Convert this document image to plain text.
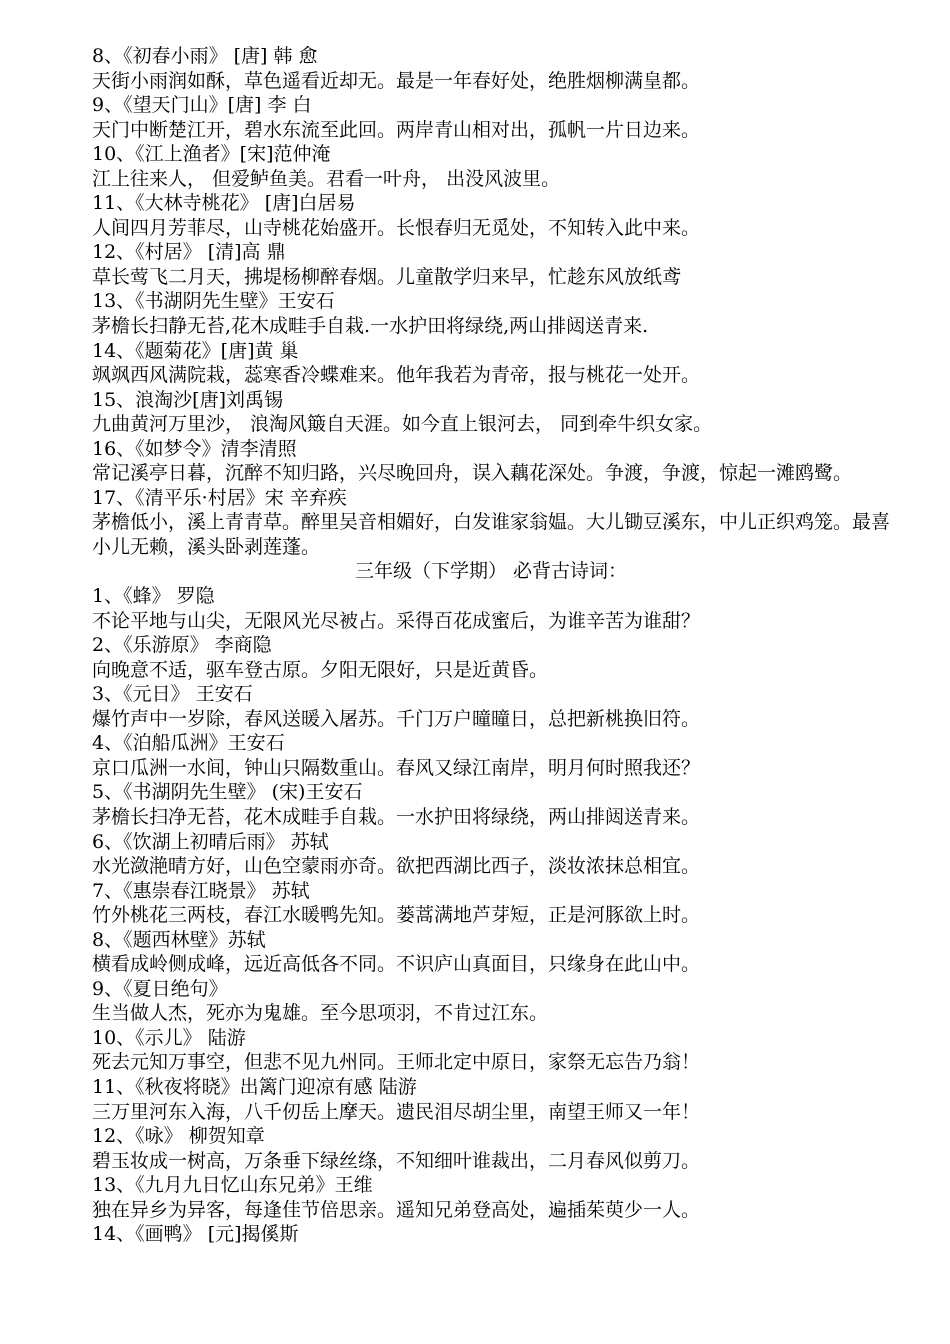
8、《初春小雨》 [唐] 韩 愈
天街小雨润如酥，草色遥看近却无。最是一年春好处，绝胜烟柳满皇都。
9、《望天门山》[唐] 李 白
天门中断楚江开，碧水东流至此回。两岸青山相对出，孤帆一片日边来。
10、《江上渔者》[宋]范仲淹
江上往来人， 但爱鲈鱼美。君看一叶舟， 出没风波里。
11、《大林寺桃花》 [唐]白居易
人间四月芳菲尽，山寺桃花始盛开。长恨春归无觅处，不知转入此中来。
12、《村居》 [清]高 鼎
草长莺飞二月天，拂堤杨柳醉春烟。儿童散学归来早，忙趁东风放纸鸢
13、《书湖阴先生壁》王安石
茅檐长扫静无苔,花木成畦手自栽.一水护田将绿绕,两山排闼送青来.
14、《题菊花》[唐]黄 巢
飒飒西风满院栽，蕊寒香冷蝶难来。他年我若为青帝，报与桃花一处开。
15、浪淘沙[唐]刘禹锡
九曲黄河万里沙， 浪淘风簸自天涯。如今直上银河去， 同到牵牛织女家。
16、《如梦令》清李清照
常记溪亭日暮，沉醉不知归路，兴尽晚回舟，误入藕花深处。争渡，争渡，惊起一滩鸥鹭。
17、《清平乐·村居》宋 辛弃疾
茅檐低小，溪上青青草。醉里吴音相媚好，白发谁家翁媪。大儿锄豆溪东，中儿正织鸡笼。最喜小儿无赖，溪头卧剥莲蓬。
三年级（下学期） 必背古诗词：
1、《蜂》 罗隐
不论平地与山尖，无限风光尽被占。采得百花成蜜后，为谁辛苦为谁甜？
2、《乐游原》 李商隐
向晚意不适，驱车登古原。夕阳无限好，只是近黄昏。
3、《元日》 王安石
爆竹声中一岁除，春风送暖入屠苏。千门万户曈曈日，总把新桃换旧符。
4、《泊船瓜洲》王安石
京口瓜洲一水间，钟山只隔数重山。春风又绿江南岸，明月何时照我还？
5、《书湖阴先生壁》 (宋)王安石
茅檐长扫净无苔，花木成畦手自栽。一水护田将绿绕，两山排闼送青来。
6、《饮湖上初晴后雨》 苏轼
水光潋滟晴方好，山色空蒙雨亦奇。欲把西湖比西子，淡妆浓抹总相宜。
7、《惠崇春江晓景》 苏轼
竹外桃花三两枝，春江水暖鸭先知。蒌蒿满地芦芽短，正是河豚欲上时。
8、《题西林壁》苏轼
横看成岭侧成峰，远近高低各不同。不识庐山真面目，只缘身在此山中。
9、《夏日绝句》
生当做人杰，死亦为鬼雄。至今思项羽，不肯过江东。
10、《示儿》 陆游
死去元知万事空，但悲不见九州同。王师北定中原日，家祭无忘告乃翁！
11、《秋夜将晓》出篱门迎凉有感 陆游
三万里河东入海，八千仞岳上摩天。遗民泪尽胡尘里，南望王师又一年！
12、《咏》 柳贺知章
碧玉妆成一树高，万条垂下绿丝绦，不知细叶谁裁出，二月春风似剪刀。
13、《九月九日忆山东兄弟》王维
独在异乡为异客，每逢佳节倍思亲。遥知兄弟登高处，遍插茱萸少一人。
14、《画鸭》 [元]揭傒斯
